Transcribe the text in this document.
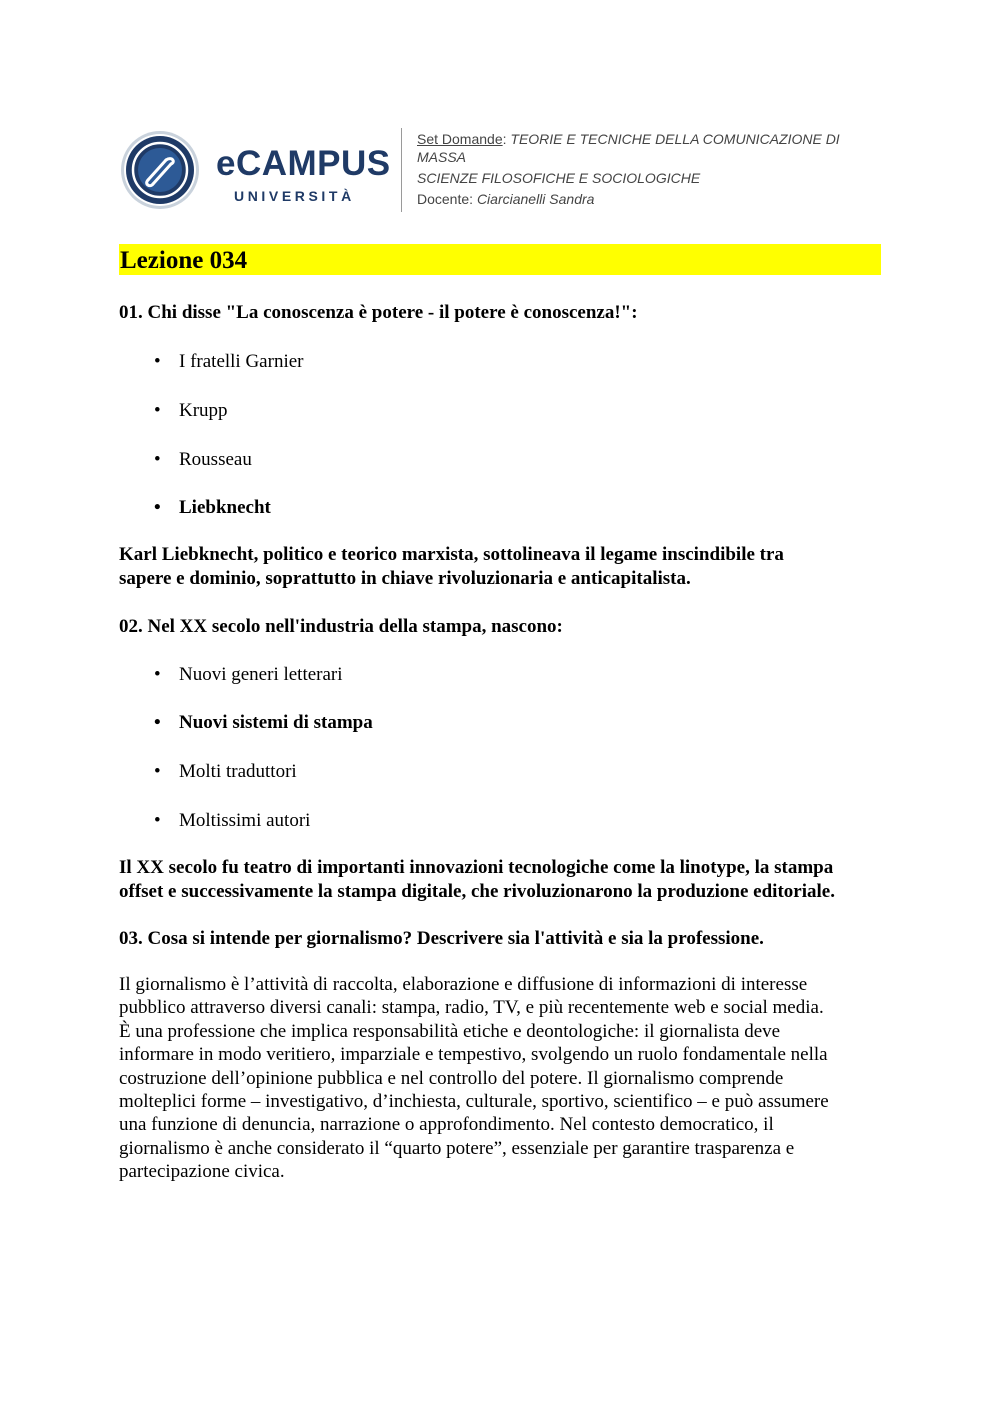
eCAMPUS
UNIVERSITÀ
Set Domande: TEORIE E TECNICHE DELLA COMUNICAZIONE DI
MASSA
SCIENZE FILOSOFICHE E SOCIOLOGICHE
Docente: Ciarcianelli Sandra
Lezione 034
01. Chi disse "La conoscenza è potere - il potere è conoscenza!":
• I fratelli Garnier
• Krupp
• Rousseau
• Liebknecht
Karl Liebknecht, politico e teorico marxista, sottolineava il legame inscindibile tra
sapere e dominio, soprattutto in chiave rivoluzionaria e anticapitalista.
02. Nel XX secolo nell'industria della stampa, nascono:
• Nuovi generi letterari
• Nuovi sistemi di stampa
• Molti traduttori
• Moltissimi autori
Il XX secolo fu teatro di importanti innovazioni tecnologiche come la linotype, la stampa
offset e successivamente la stampa digitale, che rivoluzionarono la produzione editoriale.
03. Cosa si intende per giornalismo? Descrivere sia l'attività e sia la professione.
Il giornalismo è l’attività di raccolta, elaborazione e diffusione di informazioni di interesse
pubblico attraverso diversi canali: stampa, radio, TV, e più recentemente web e social media.
È una professione che implica responsabilità etiche e deontologiche: il giornalista deve
informare in modo veritiero, imparziale e tempestivo, svolgendo un ruolo fondamentale nella
costruzione dell’opinione pubblica e nel controllo del potere. Il giornalismo comprende
molteplici forme – investigativo, d’inchiesta, culturale, sportivo, scientifico – e può assumere
una funzione di denuncia, narrazione o approfondimento. Nel contesto democratico, il
giornalismo è anche considerato il “quarto potere”, essenziale per garantire trasparenza e
partecipazione civica.
